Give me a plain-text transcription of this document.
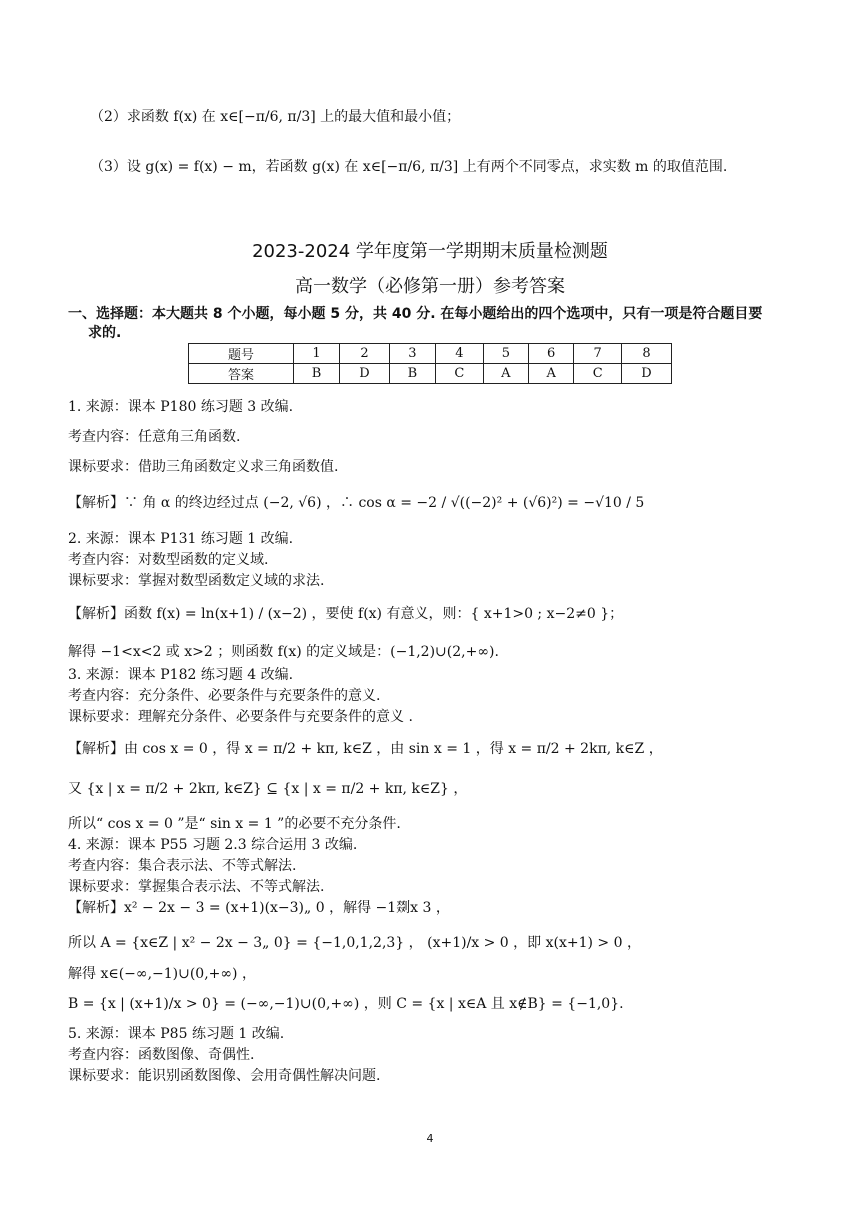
（2）求函数 f(x) 在 x∈[−π/6, π/3] 上的最大值和最小值；
（3）设 g(x) = f(x) − m，若函数 g(x) 在 x∈[−π/6, π/3] 上有两个不同零点，求实数 m 的取值范围.
2023-2024 学年度第一学期期末质量检测题
高一数学（必修第一册）参考答案
一、选择题：本大题共 8 个小题，每小题 5 分，共 40 分. 在每小题给出的四个选项中，只有一项是符合题目要
求的.
题号	1	2	3	4	5	6	7	8
答案	B	D	B	C	A	A	C	D
1. 来源：课本 P180 练习题 3 改编.
考查内容：任意角三角函数.
课标要求：借助三角函数定义求三角函数值.
【解析】∵ 角 α 的终边经过点 (−2, √6) ，∴ cos α = −2 / √((−2)² + (√6)²) = −√10 / 5
2. 来源：课本 P131 练习题 1 改编.
考查内容：对数型函数的定义域.
课标要求：掌握对数型函数定义域的求法.
【解析】函数 f(x) = ln(x+1) / (x−2) ，要使 f(x) 有意义，则：{ x+1>0 ; x−2≠0 }；
解得 −1<x<2 或 x>2 ；则函数 f(x) 的定义域是：(−1,2)∪(2,+∞).
3. 来源：课本 P182 练习题 4 改编.
考查内容：充分条件、必要条件与充要条件的意义.
课标要求：理解充分条件、必要条件与充要条件的意义 .
【解析】由 cos x = 0 ，得 x = π/2 + kπ, k∈Z ，由 sin x = 1 ，得 x = π/2 + 2kπ, k∈Z ，
又 {x | x = π/2 + 2kπ, k∈Z} ⊆ {x | x = π/2 + kπ, k∈Z} ，
所以“ cos x = 0 ”是“ sin x = 1 ”的必要不充分条件.
4. 来源：课本 P55 习题 2.3 综合运用 3 改编.
考查内容：集合表示法、不等式解法.
课标要求：掌握集合表示法、不等式解法.
【解析】x² − 2x − 3 = (x+1)(x−3)„ 0 ，解得 −1剟x 3 ，
所以 A = {x∈Z | x² − 2x − 3„ 0} = {−1,0,1,2,3} ， (x+1)/x > 0 ，即 x(x+1) > 0 ，
解得 x∈(−∞,−1)∪(0,+∞) ，
B = {x | (x+1)/x > 0} = (−∞,−1)∪(0,+∞) ，则 C = {x | x∈A 且 x∉B} = {−1,0}.
5. 来源：课本 P85 练习题 1 改编.
考查内容：函数图像、奇偶性.
课标要求：能识别函数图像、会用奇偶性解决问题.
4
